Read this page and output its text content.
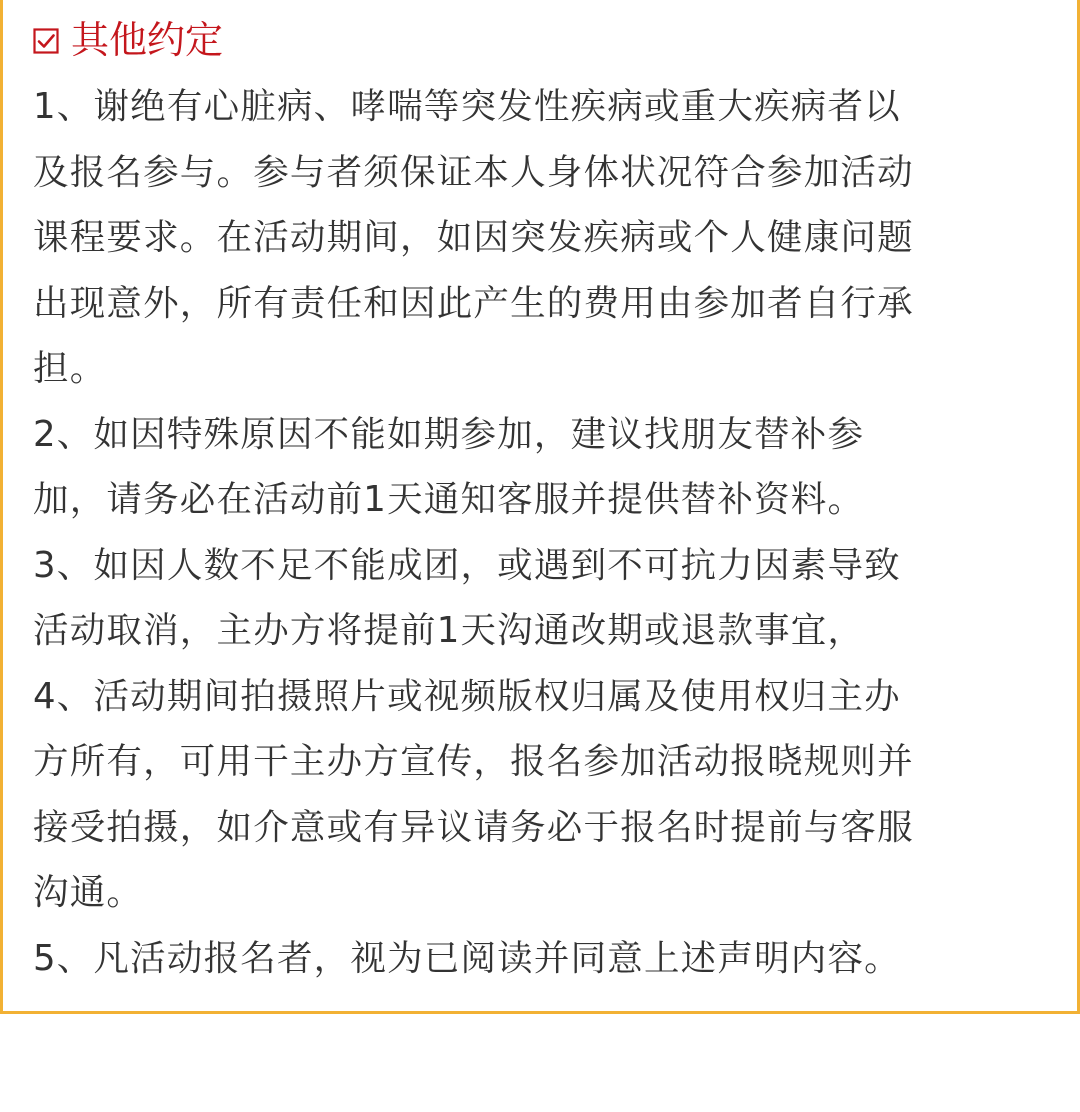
其他约定
1、谢绝有心脏病、哮喘等突发性疾病或重大疾病者以
及报名参与。参与者须保证本人身体状况符合参加活动
课程要求。在活动期间，如因突发疾病或个人健康问题
出现意外，所有责任和因此产生的费用由参加者自行承
担。
2、如因特殊原因不能如期参加，建议找朋友替补参
加，请务必在活动前1天通知客服并提供替补资料。
3、如因人数不足不能成团，或遇到不可抗力因素导致
活动取消，主办方将提前1天沟通改期或退款事宜，
4、活动期间拍摄照片或视频版权归属及使用权归主办
方所有，可用干主办方宣传，报名参加活动报晓规则并
接受拍摄，如介意或有异议请务必于报名时提前与客服
沟通。
5、凡活动报名者，视为已阅读并同意上述声明内容。
